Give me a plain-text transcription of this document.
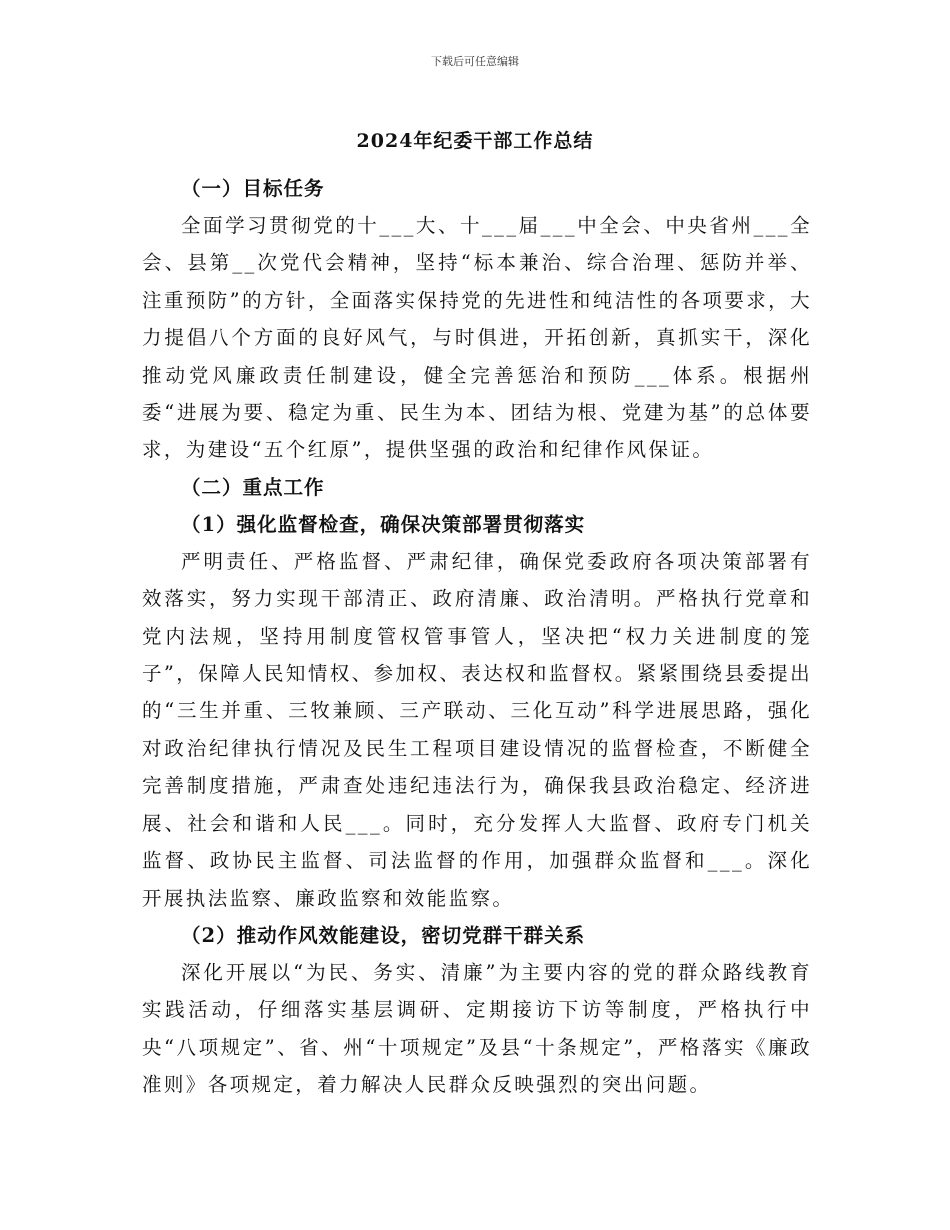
下载后可任意编辑
2024年纪委干部工作总结

（一）目标任务

全面学习贯彻党的十___大、十___届___中全会、中央省州___全会、县第__次党代会精神，坚持“标本兼治、综合治理、惩防并举、注重预防”的方针，全面落实保持党的先进性和纯洁性的各项要求，大力提倡八个方面的良好风气，与时俱进，开拓创新，真抓实干，深化推动党风廉政责任制建设，健全完善惩治和预防___体系。根据州委“进展为要、稳定为重、民生为本、团结为根、党建为基”的总体要求，为建设“五个红原”，提供坚强的政治和纪律作风保证。

（二）重点工作

（1）强化监督检查，确保决策部署贯彻落实

严明责任、严格监督、严肃纪律，确保党委政府各项决策部署有效落实，努力实现干部清正、政府清廉、政治清明。严格执行党章和党内法规，坚持用制度管权管事管人，坚决把“权力关进制度的笼子”，保障人民知情权、参加权、表达权和监督权。紧紧围绕县委提出的“三生并重、三牧兼顾、三产联动、三化互动”科学进展思路，强化对政治纪律执行情况及民生工程项目建设情况的监督检查，不断健全完善制度措施，严肃查处违纪违法行为，确保我县政治稳定、经济进展、社会和谐和人民___。同时，充分发挥人大监督、政府专门机关监督、政协民主监督、司法监督的作用，加强群众监督和___。深化开展执法监察、廉政监察和效能监察。

（2）推动作风效能建设，密切党群干群关系

深化开展以“为民、务实、清廉”为主要内容的党的群众路线教育实践活动，仔细落实基层调研、定期接访下访等制度，严格执行中央“八项规定”、省、州“十项规定”及县“十条规定”，严格落实《廉政准则》各项规定，着力解决人民群众反映强烈的突出问题。
